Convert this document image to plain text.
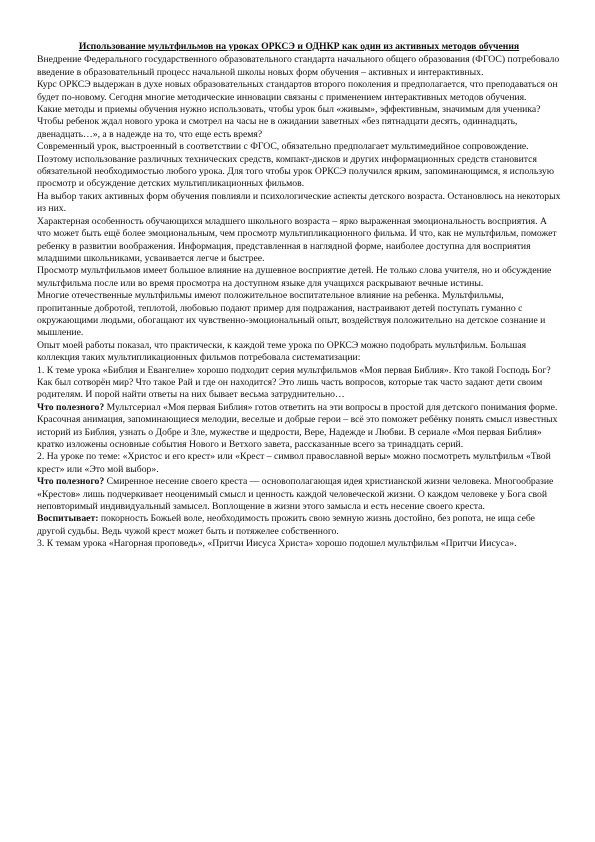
Использование мультфильмов на уроках ОРКСЭ и ОДНКР как один из активных методов обучения

Внедрение Федерального государственного образовательного стандарта начального общего образования (ФГОС) потребовало введение в образовательный процесс начальной школы новых форм обучения – активных и интерактивных.

Курс ОРКСЭ выдержан в духе новых образовательных стандартов второго поколения и предполагается, что преподаваться он будет по-новому. Сегодня многие методические инновации связаны с применением интерактивных методов обучения.

Какие методы и приемы обучения нужно использовать, чтобы урок был «живым», эффективным, значимым для ученика? Чтобы ребенок ждал нового урока и смотрел на часы не в ожидании заветных «без пятнадцати десять, одиннадцать, двенадцать…», а в надежде на то, что еще есть время?

Современный урок, выстроенный в соответствии с ФГОС, обязательно предполагает мультимедийное сопровождение. Поэтому использование различных технических средств, компакт-дисков и других информационных средств становится обязательной необходимостью любого урока. Для того чтобы урок ОРКСЭ получился ярким, запоминающимся, я использую просмотр и обсуждение детских мультипликационных фильмов.

На выбор таких активных форм обучения повлияли и психологические аспекты детского возраста. Остановлюсь на некоторых из них.

Характерная особенность обучающихся младшего школьного возраста – ярко выраженная эмоциональность восприятия. А что может быть ещё более эмоциональным, чем просмотр мультипликационного фильма. И что, как не мультфильм, поможет ребенку в развитии воображения. Информация, представленная в наглядной форме, наиболее доступна для восприятия младшими школьниками, усваивается легче и быстрее.

Просмотр мультфильмов имеет большое влияние на душевное восприятие детей. Не только слова учителя, но и обсуждение мультфильма после или во время просмотра на доступном языке для учащихся раскрывают вечные истины.

Многие отечественные мультфильмы имеют положительное воспитательное влияние на ребенка. Мультфильмы, пропитанные добротой, теплотой, любовью подают пример для подражания, настраивают детей поступать гуманно с окружающими людьми, обогащают их чувственно-эмоциональный опыт, воздействуя положительно на детское сознание и мышление.

Опыт моей работы показал, что практически, к каждой теме урока по ОРКСЭ можно подобрать мультфильм. Большая коллекция таких мультипликационных фильмов потребовала систематизации:

1. К теме урока «Библия и Евангелие» хорошо подходит серия мультфильмов «Моя первая Библия». Кто такой Господь Бог? Как был сотворён мир? Что такое Рай и где он находится? Это лишь часть вопросов, которые так часто задают дети своим родителям. И порой найти ответы на них бывает весьма затруднительно…

Что полезного? Мультсериал «Моя первая Библия» готов ответить на эти вопросы в простой для детского понимания форме. Красочная анимация, запоминающиеся мелодии, веселые и добрые герои – всё это поможет ребёнку понять смысл известных историй из Библия, узнать о Добре и Зле, мужестве и щедрости, Вере, Надежде и Любви. В сериале «Моя первая Библия» кратко изложены основные события Нового и Ветхого завета, рассказанные всего за тринадцать серий.

2. На уроке по теме: «Христос и его крест» или «Крест – символ православной веры» можно посмотреть мультфильм «Твой крест» или «Это мой выбор».

Что полезного? Смиренное несение своего креста — основополагающая идея христианской жизни человека. Многообразие «Крестов» лишь подчеркивает неоценимый смысл и ценность каждой человеческой жизни. О каждом человеке у Бога свой неповторимый индивидуальный замысел. Воплощение в жизни этого замысла и есть несение своего креста.

Воспитывает: покорность Божьей воле, необходимость прожить свою земную жизнь достойно, без ропота, не ища себе другой судьбы. Ведь чужой крест может быть и потяжелее собственного.

3. К темам урока «Нагорная проповедь», «Притчи Иисуса Христа» хорошо подошел мультфильм «Притчи Иисуса».
